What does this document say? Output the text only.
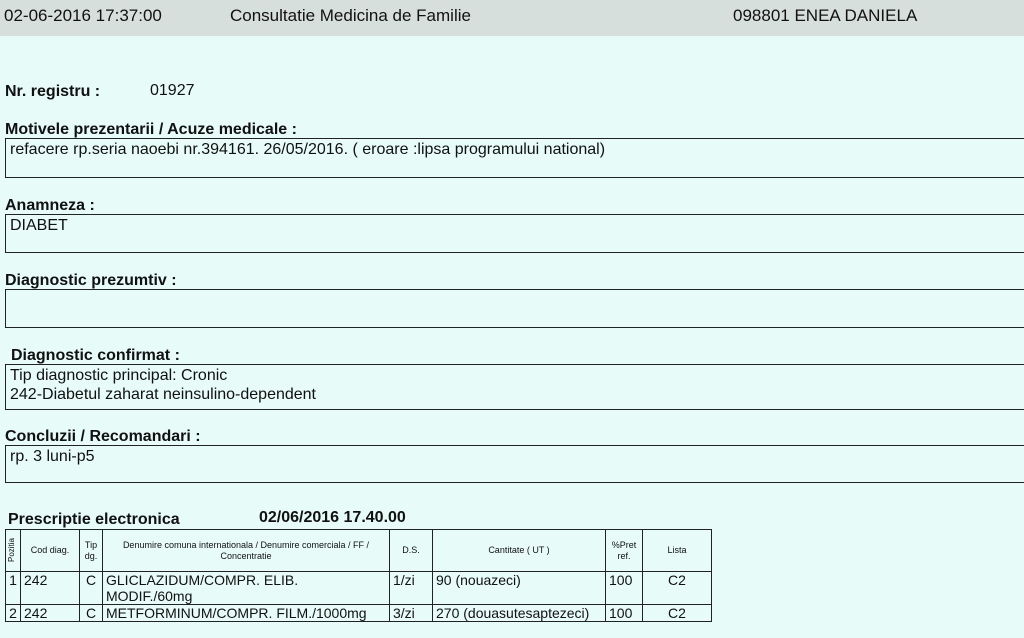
02-06-2016 17:37:00	Consultatie Medicina de Familie	098801 ENEA DANIELA
Nr. registru :	01927
Motivele prezentarii / Acuze medicale :
refacere rp.seria naoebi nr.394161. 26/05/2016. ( eroare :lipsa programului national)
Anamneza :
DIABET
Diagnostic prezumtiv :
Diagnostic confirmat :
Tip diagnostic principal: Cronic
242-Diabetul zaharat neinsulino-dependent
Concluzii / Recomandari :
rp. 3 luni-p5
Prescriptie electronica	02/06/2016 17.40.00
Pozitia	Cod diag.	Tip dg.	Denumire comuna internationala / Denumire comerciala / FF / Concentratie	D.S.	Cantitate ( UT )	%Pret ref.	Lista
1	242	C	GLICLAZIDUM/COMPR. ELIB. MODIF./60mg	1/zi	90 (nouazeci)	100	C2
2	242	C	METFORMINUM/COMPR. FILM./1000mg	3/zi	270 (douasutesaptezeci)	100	C2
